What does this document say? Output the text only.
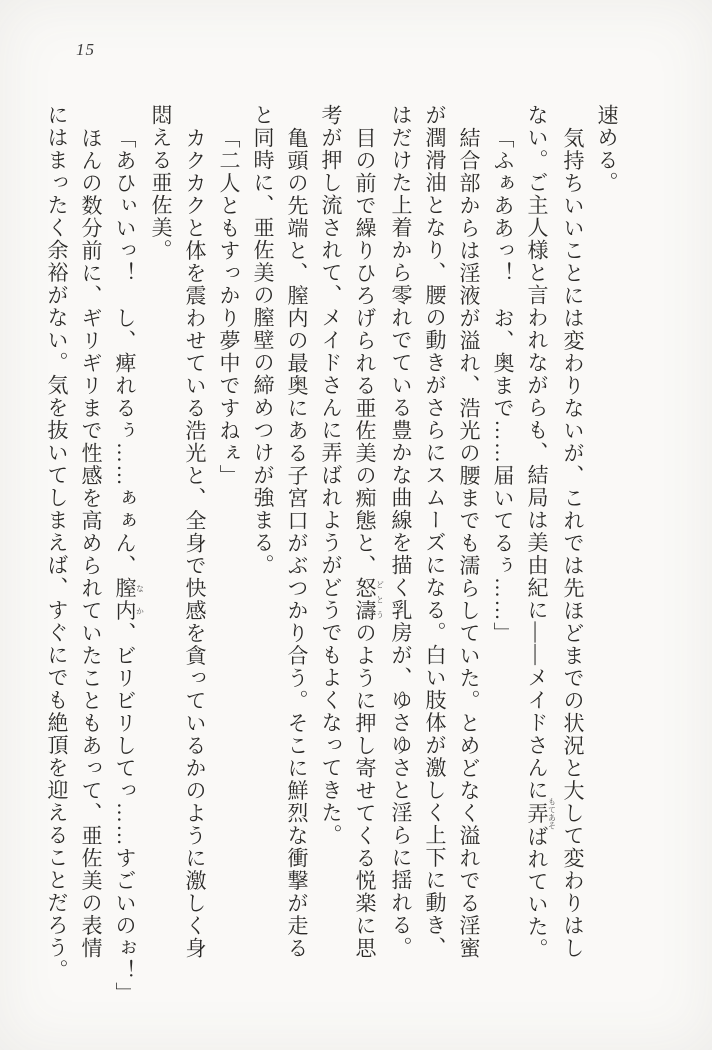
15

速める。

気持ちいいことには変わりないが、これでは先ほどまでの状況と大して変わりはし

ない。ご主人様と言われながらも、結局は美由紀に――メイドさんに弄もてあそばれていた。

「ふぁああっ！　お、奥まで……届いてるぅ……」

結合部からは淫液が溢れ、浩光の腰までも濡らしていた。とめどなく溢れでる淫蜜

が潤滑油となり、腰の動きがさらにスムーズになる。白い肢体が激しく上下に動き、

はだけた上着から零れでている豊かな曲線を描く乳房が、ゆさゆさと淫らに揺れる。

目の前で繰りひろげられる亜佐美の痴態と、怒濤どとうのように押し寄せてくる悦楽に思

考が押し流されて、メイドさんに弄ばれようがどうでもよくなってきた。

亀頭の先端と、膣内の最奥にある子宮口がぶつかり合う。そこに鮮烈な衝撃が走る

と同時に、亜佐美の膣壁の締めつけが強まる。

「二人ともすっかり夢中ですねぇ」

カクカクと体を震わせている浩光と、全身で快感を貪っているかのように激しく身

悶える亜佐美。

「あひぃいっ！　し、痺れるぅ……ぁぁん、膣内なか、ビリビリしてっ……すごいのぉ！」

ほんの数分前に、ギリギリまで性感を高められていたこともあって、亜佐美の表情

にはまったく余裕がない。気を抜いてしまえば、すぐにでも絶頂を迎えることだろう。
